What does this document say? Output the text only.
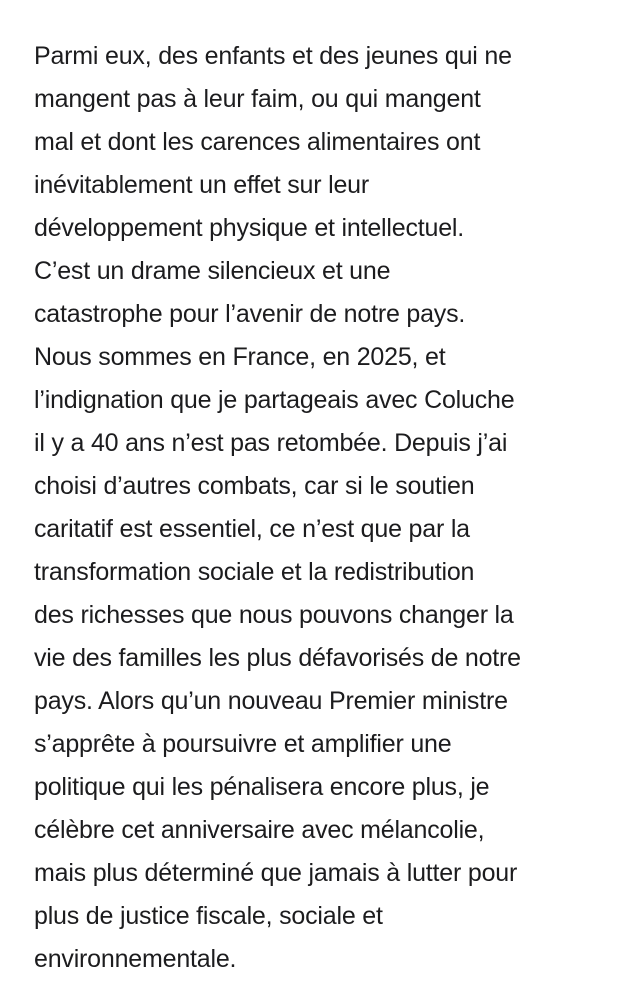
Parmi eux, des enfants et des jeunes qui ne
mangent pas à leur faim, ou qui mangent
mal et dont les carences alimentaires ont
inévitablement un effet sur leur
développement physique et intellectuel.
C’est un drame silencieux et une
catastrophe pour l’avenir de notre pays.
Nous sommes en France, en 2025, et
l’indignation que je partageais avec Coluche
il y a 40 ans n’est pas retombée. Depuis j’ai
choisi d’autres combats, car si le soutien
caritatif est essentiel, ce n’est que par la
transformation sociale et la redistribution
des richesses que nous pouvons changer la
vie des familles les plus défavorisés de notre
pays. Alors qu’un nouveau Premier ministre
s’apprête à poursuivre et amplifier une
politique qui les pénalisera encore plus, je
célèbre cet anniversaire avec mélancolie,
mais plus déterminé que jamais à lutter pour
plus de justice fiscale, sociale et
environnementale.
